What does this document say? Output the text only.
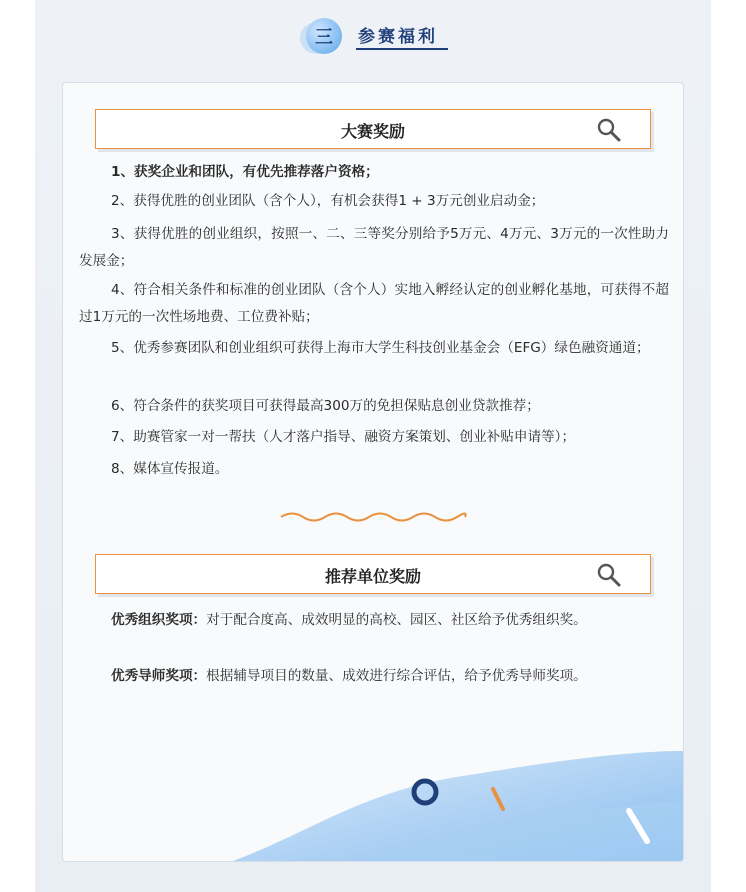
三	参赛福利
大赛奖励
1、获奖企业和团队，有优先推荐落户资格；
2、获得优胜的创业团队（含个人），有机会获得1 + 3万元创业启动金；
3、获得优胜的创业组织，按照一、二、三等奖分别给予5万元、4万元、3万元的一次性助力发展金；
4、符合相关条件和标准的创业团队（含个人）实地入孵经认定的创业孵化基地，可获得不超过1万元的一次性场地费、工位费补贴；
5、优秀参赛团队和创业组织可获得上海市大学生科技创业基金会（EFG）绿色融资通道；
6、符合条件的获奖项目可获得最高300万的免担保贴息创业贷款推荐；
7、助赛管家一对一帮扶（人才落户指导、融资方案策划、创业补贴申请等）；
8、媒体宣传报道。
推荐单位奖励
优秀组织奖项：对于配合度高、成效明显的高校、园区、社区给予优秀组织奖。
优秀导师奖项：根据辅导项目的数量、成效进行综合评估，给予优秀导师奖项。
